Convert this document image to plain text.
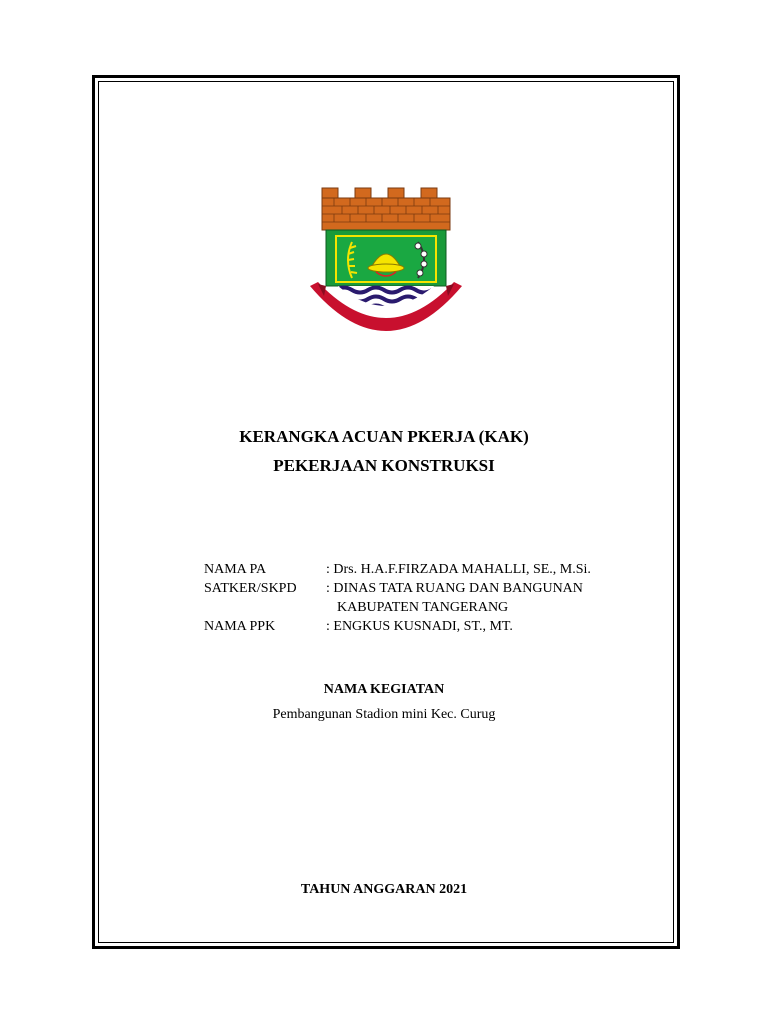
KERANGKA ACUAN PKERJA (KAK)
PEKERJAAN KONSTRUKSI
NAMA PA	: Drs. H.A.F.FIRZADA MAHALLI, SE., M.Si.
SATKER/SKPD	: DINAS TATA RUANG DAN BANGUNAN
KABUPATEN TANGERANG
NAMA PPK	: ENGKUS KUSNADI, ST., MT.
NAMA KEGIATAN
Pembangunan Stadion mini Kec. Curug
TAHUN ANGGARAN 2021
